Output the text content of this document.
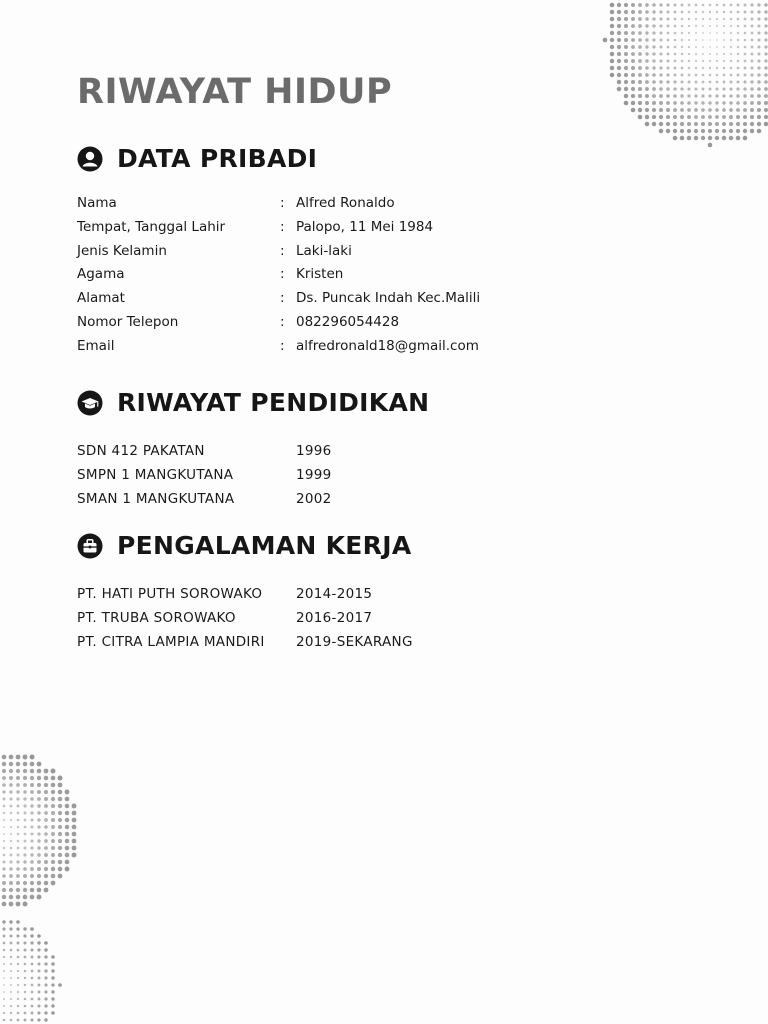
RIWAYAT HIDUP
DATA PRIBADI
Nama	: Alfred Ronaldo
Tempat, Tanggal Lahir	: Palopo, 11 Mei 1984
Jenis Kelamin	: Laki-laki
Agama	: Kristen
Alamat	: Ds. Puncak Indah Kec.Malili
Nomor Telepon	: 082296054428
Email	: alfredronald18@gmail.com
RIWAYAT PENDIDIKAN
SDN 412 PAKATAN	1996
SMPN 1 MANGKUTANA	1999
SMAN 1 MANGKUTANA	2002
PENGALAMAN KERJA
PT. HATI PUTH SOROWAKO 2014-2015
PT. TRUBA SOROWAKO	2016-2017
PT. CITRA LAMPIA MANDIRI 2019-SEKARANG
